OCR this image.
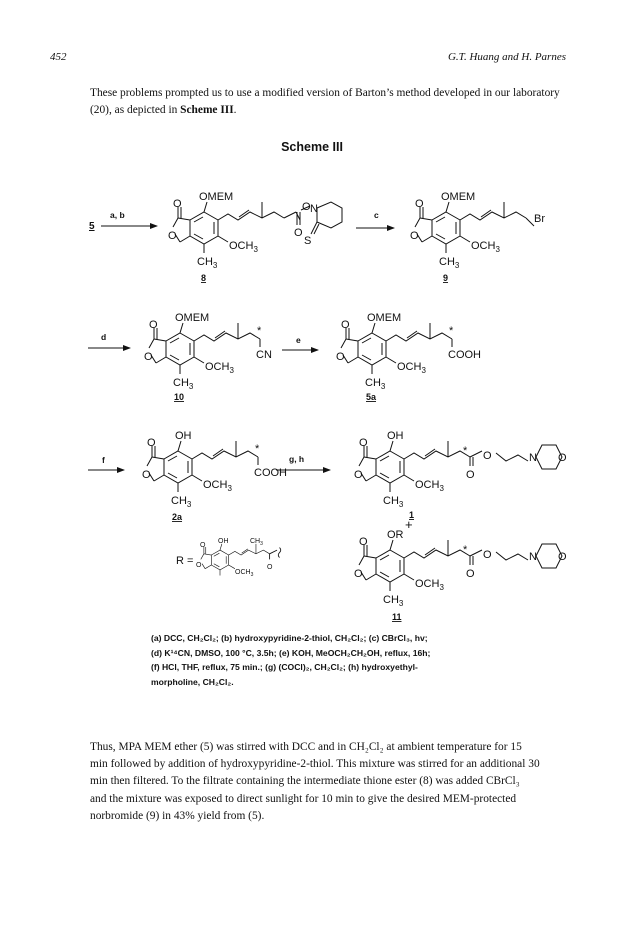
452	G.T. Huang and H. Parnes
These problems prompted us to use a modified version of Barton’s method developed in our laboratory (20), as depicted in Scheme III.
Scheme III
5
a, b
O
OMEM
O
$OCH_3$
$CH_3$
O
O N
S
8
c
O
OMEM
O
$OCH_3$
$CH_3$
Br
9
d
O
OMEM
O
$OCH_3$
$CH_3$
*
CN
10
e
O
OMEM
O
$OCH_3$
$CH_3$
*
COOH
5a
f
O
OH
O
$OCH_3$
$CH_3$
*
COOH
2a
g, h
O
OH
O
$OCH_3$
$CH_3$
* O
O
N O
1
+
R =
O
OH
O
$OCH_3$
$CH_3$
O
O
OR
O
$OCH_3$
$CH_3$
* O
O
N O
11
(a) DCC, CH₂Cl₂; (b) hydroxypyridine-2-thiol, CH₂Cl₂; (c) CBrCl₃, hv;
(d) K¹⁴CN, DMSO, 100 °C, 3.5h; (e) KOH, MeOCH₂CH₂OH, reflux, 16h;
(f) HCl, THF, reflux, 75 min.; (g) (COCl)₂, CH₂Cl₂; (h) hydroxyethyl-
morpholine, CH₂Cl₂.
Thus, MPA MEM ether (5) was stirred with DCC and in CH₂Cl₂ at ambient temperature for 15
min followed by addition of hydroxypyridine-2-thiol. This mixture was stirred for an additional 30
min then filtered. To the filtrate containing the intermediate thione ester (8) was added CBrCl₃
and the mixture was exposed to direct sunlight for 10 min to give the desired MEM-protected
norbromide (9) in 43% yield from (5).
